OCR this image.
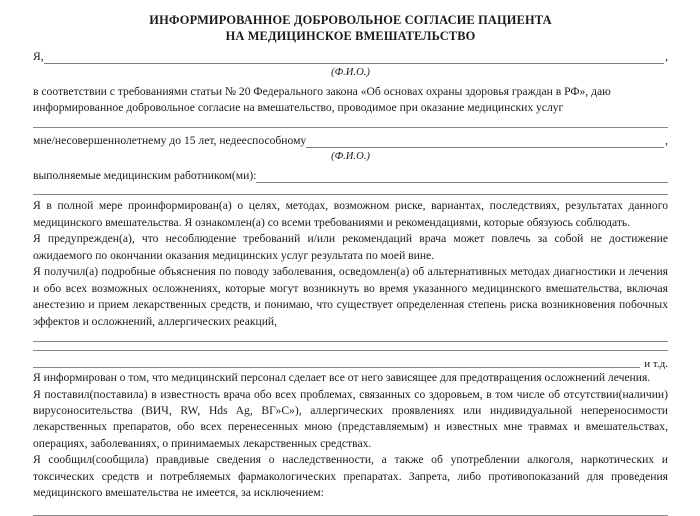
ИНФОРМИРОВАННОЕ ДОБРОВОЛЬНОЕ СОГЛАСИЕ ПАЦИЕНТА
НА МЕДИЦИНСКОЕ ВМЕШАТЕЛЬСТВО
Я,	,
(Ф.И.О.)
в соответствии с требованиями статьи № 20 Федерального закона «Об основах охраны здоровья граждан в РФ», даю
информированное добровольное согласие на вмешательство, проводимое при оказание медицинских услуг
мне/несовершеннолетнему до 15 лет, недееспособному	,
(Ф.И.О.)
выполняемые медицинским работником(ми):
Я в полной мере проинформирован(а) о целях, методах, возможном риске, вариантах, последствиях, результатах данного медицинского вмешательства. Я ознакомлен(а) со всеми требованиями и рекомендациями, которые обязуюсь соблюдать.
Я предупрежден(а), что несоблюдение требований и/или рекомендаций врача может повлечь за собой не достижение ожидаемого по окончании оказания медицинских услуг результата по моей вине.
Я получил(а) подробные объяснения по поводу заболевания, осведомлен(а) об альтернативных методах диагностики и лечения и обо всех возможных осложнениях, которые могут возникнуть во время указанного медицинского вмешательства, включая анестезию и прием лекарственных средств, и понимаю, что существует определенная степень риска возникновения побочных эффектов и осложнений, аллергических реакций,
и т.д.
Я информирован о том, что медицинский персонал сделает все от него зависящее для предотвращения осложнений лечения.
Я поставил(поставила) в известность врача обо всех проблемах, связанных со здоровьем, в том числе об отсутствии(наличии) вирусоносительства (ВИЧ, RW, Hds Ag, ВГ»С»), аллергических проявлениях или индивидуальной непереносимости лекарственных препаратов, обо всех перенесенных мною (представляемым) и известных мне травмах и вмешательствах, операциях, заболеваниях, о принимаемых лекарственных средствах.
Я сообщил(сообщила) правдивые сведения о наследственности, а также об употреблении алкоголя, наркотических и токсических средств и потребляемых фармакологических препаратах. Запрета, либо противопоказаний для проведения медицинского вмешательства не имеется, за исключением:
